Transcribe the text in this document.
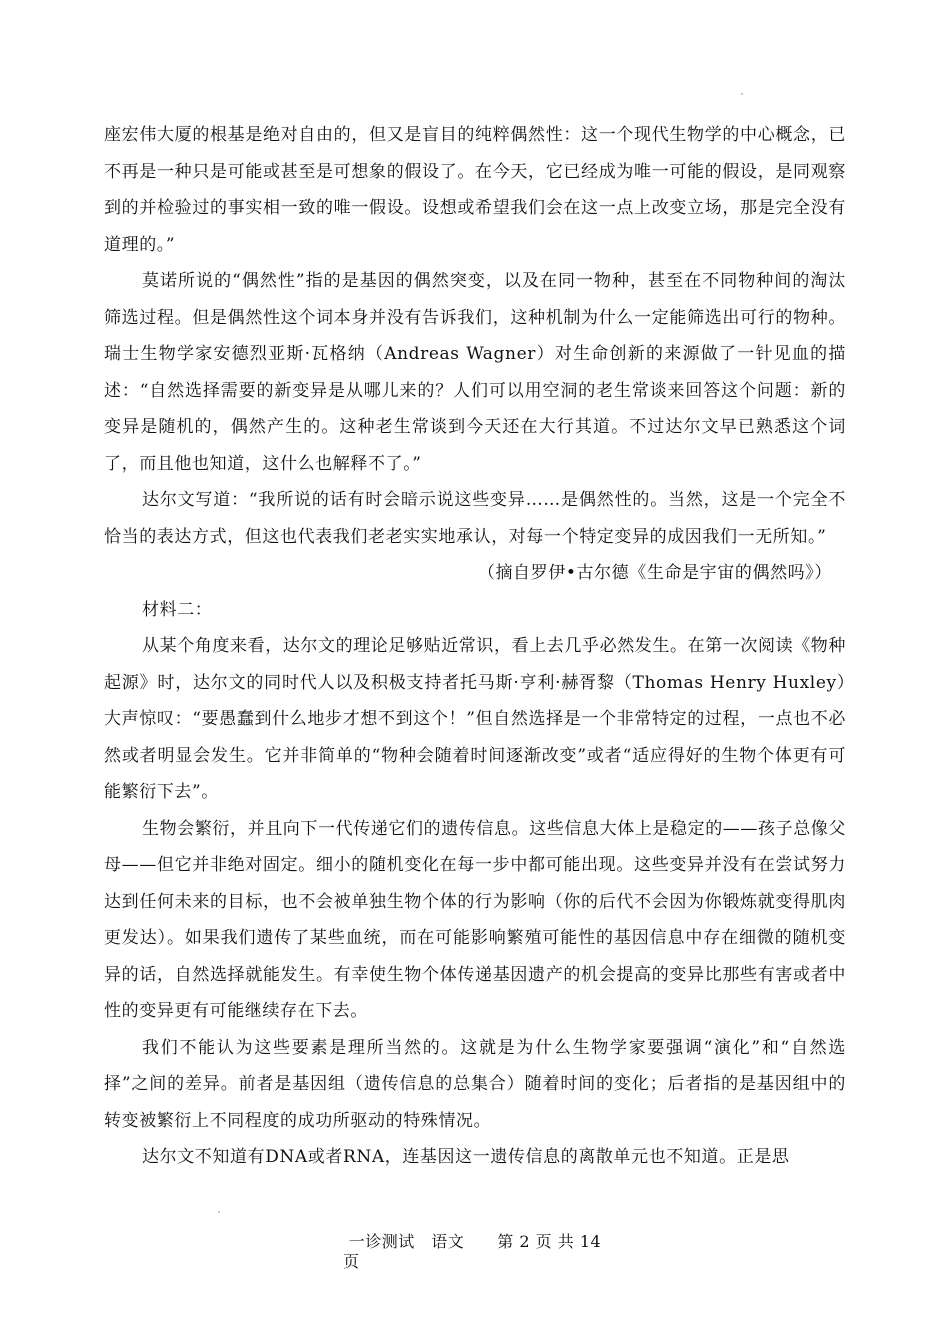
座宏伟大厦的根基是绝对自由的，但又是盲目的纯粹偶然性：这一个现代生物学的中心概念，已不再是一种只是可能或甚至是可想象的假设了。在今天，它已经成为唯一可能的假设，是同观察到的并检验过的事实相一致的唯一假设。设想或希望我们会在这一点上改变立场，那是完全没有道理的。”

莫诺所说的“偶然性”指的是基因的偶然突变，以及在同一物种，甚至在不同物种间的淘汰筛选过程。但是偶然性这个词本身并没有告诉我们，这种机制为什么一定能筛选出可行的物种。瑞士生物学家安德烈亚斯·瓦格纳（Andreas Wagner）对生命创新的来源做了一针见血的描述：“自然选择需要的新变异是从哪儿来的？人们可以用空洞的老生常谈来回答这个问题：新的变异是随机的，偶然产生的。这种老生常谈到今天还在大行其道。不过达尔文早已熟悉这个词了，而且他也知道，这什么也解释不了。”

达尔文写道：“我所说的话有时会暗示说这些变异……是偶然性的。当然，这是一个完全不恰当的表达方式，但这也代表我们老老实实地承认，对每一个特定变异的成因我们一无所知。”

（摘自罗伊•古尔德《生命是宇宙的偶然吗》）

材料二：

从某个角度来看，达尔文的理论足够贴近常识，看上去几乎必然发生。在第一次阅读《物种起源》时，达尔文的同时代人以及积极支持者托马斯·亨利·赫胥黎（Thomas Henry Huxley）大声惊叹：“要愚蠢到什么地步才想不到这个！”但自然选择是一个非常特定的过程，一点也不必然或者明显会发生。它并非简单的“物种会随着时间逐渐改变”或者“适应得好的生物个体更有可能繁衍下去”。

生物会繁衍，并且向下一代传递它们的遗传信息。这些信息大体上是稳定的——孩子总像父母——但它并非绝对固定。细小的随机变化在每一步中都可能出现。这些变异并没有在尝试努力达到任何未来的目标，也不会被单独生物个体的行为影响（你的后代不会因为你锻炼就变得肌肉更发达）。如果我们遗传了某些血统，而在可能影响繁殖可能性的基因信息中存在细微的随机变异的话，自然选择就能发生。有幸使生物个体传递基因遗产的机会提高的变异比那些有害或者中性的变异更有可能继续存在下去。

我们不能认为这些要素是理所当然的。这就是为什么生物学家要强调“演化”和“自然选择”之间的差异。前者是基因组（遗传信息的总集合）随着时间的变化；后者指的是基因组中的转变被繁衍上不同程度的成功所驱动的特殊情况。

达尔文不知道有DNA或者RNA，连基因这一遗传信息的离散单元也不知道。正是思

一诊测试　语文　　第 2 页 共 14
页
